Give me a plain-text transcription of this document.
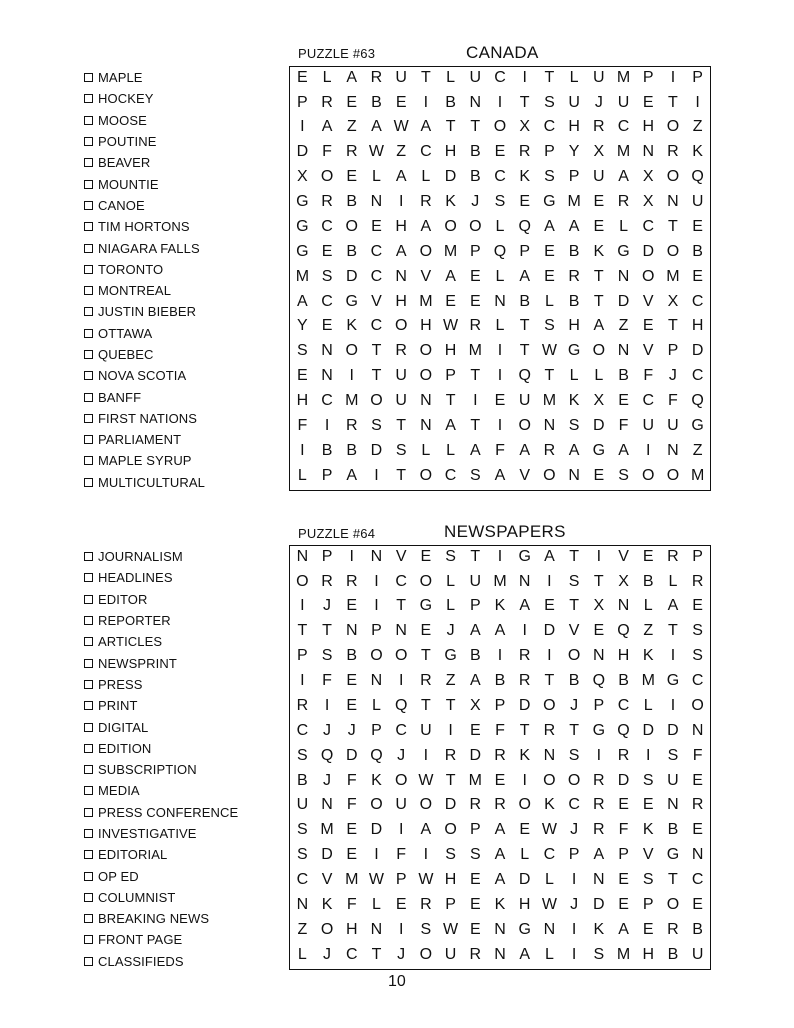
PUZZLE #63	CANADA
MAPLE
HOCKEY
MOOSE
POUTINE
BEAVER
MOUNTIE
CANOE
TIM HORTONS
NIAGARA FALLS
TORONTO
MONTREAL
JUSTIN BIEBER
OTTAWA
QUEBEC
NOVA SCOTIA
BANFF
FIRST NATIONS
PARLIAMENT
MAPLE SYRUP
MULTICULTURAL
E L A R U T L U C	I	T L U M P	I	P
P R E B E	I	B N	I	T S U J U E T	I
I	A Z A W A T T O X C H R C H O Z
D F R W Z C H B E R P Y X M N R K
X O E L A L D B C K S P U A X O Q
G R B N	I	R K J S E G M E R X N U
G C O E H A O O L Q A A E L C T E
G E B C A O M P Q P E B K G D O B
M S D C N V A E L A E R T N O M E
A C G V H M E E N B L B T D V X C
Y E K C O H W R L T S H A Z E T H
S N O T R O H M I	T W G O N V P D
E N	I	T U O P T	I	Q T L L B F J C
H C M O U N T	I	E U M K X E C F Q
F	I	R S T N A T	I	O N S D F U U G
I	B B D S L L A F A R A G A	I	N Z
L P A	I	T O C S A V O N E S O O M
PUZZLE #64	NEWSPAPERS
JOURNALISM
HEADLINES
EDITOR
REPORTER
ARTICLES
NEWSPRINT
PRESS
PRINT
DIGITAL
EDITION
SUBSCRIPTION
MEDIA
PRESS CONFERENCE
INVESTIGATIVE
EDITORIAL
OP ED
COLUMNIST
BREAKING NEWS
FRONT PAGE
CLASSIFIEDS
N P	I	N V E S T	I	G A T	I	V E R P
O R R	I	C O L U M N	I	S T X B L R
I	J E	I	T G L P K A E T X N L A E
T T N P N E J A A	I	D V E Q Z T S
P S B O O T G B	I	R	I	O N H K	I	S
I	F E N	I	R Z A B R T B Q B M G C
R	I	E L Q T T X P D O J P C L	I	O
C J	J P C U	I	E F T R T G Q D D N
S Q D Q J	I	R D R K N S	I	R	I	S F
B J F K O W T M E	I	O O R D S U E
U N F O U O D R R O K C R E E N R
S M E D	I	A O P A E W J R F K B E
S D E	I	F	I	S S A L C P A P V G N
C V M W P W H E A D L	I	N E S T C
N K F L E R P E K H W J D E P O E
Z O H N	I	S W E N G N	I	K A E R B
L	J C T J O U R N A L	I	S M H B U
10
